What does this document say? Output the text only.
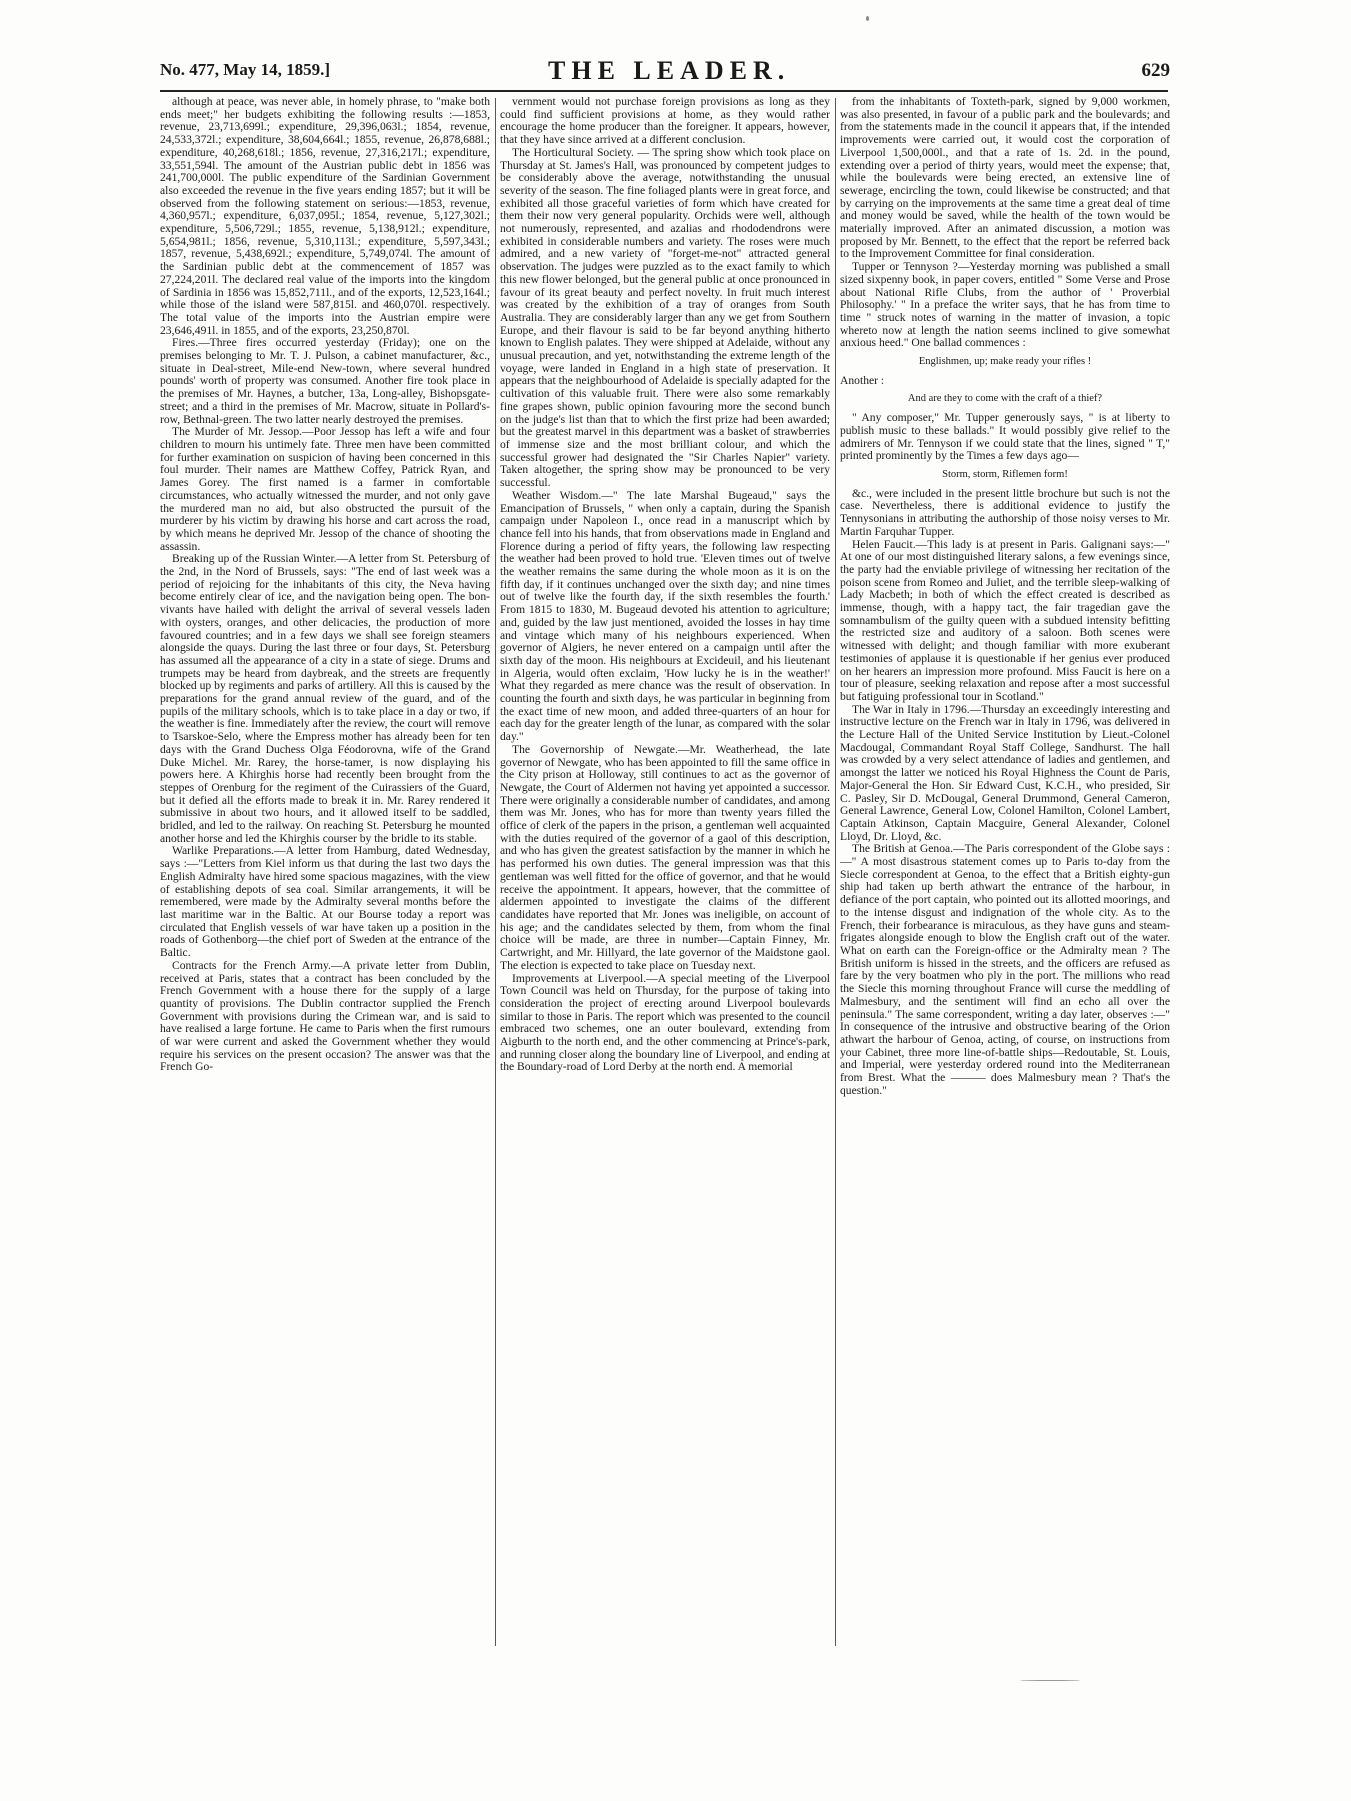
No. 477, May 14, 1859.]	THE LEADER.	629

although at peace, was never able, in homely phrase, to "make both ends meet;" her budgets exhibiting the following results :—1853, revenue, 23,713,699l.; expenditure, 29,396,063l.; 1854, revenue, 24,533,372l.; expenditure, 38,604,664l.; 1855, revenue, 26,878,688l.; expenditure, 40,268,618l.; 1856, revenue, 27,316,217l.; expenditure, 33,551,594l. The amount of the Austrian public debt in 1856 was 241,700,000l. The public expenditure of the Sardinian Government also exceeded the revenue in the five years ending 1857; but it will be observed from the following statement on serious:—1853, revenue, 4,360,957l.; expenditure, 6,037,095l.; 1854, revenue, 5,127,302l.; expenditure, 5,506,729l.; 1855, revenue, 5,138,912l.; expenditure, 5,654,981l.; 1856, revenue, 5,310,113l.; expenditure, 5,597,343l.; 1857, revenue, 5,438,692l.; expenditure, 5,749,074l. The amount of the Sardinian public debt at the commencement of 1857 was 27,224,201l. The declared real value of the imports into the kingdom of Sardinia in 1856 was 15,852,711l., and of the exports, 12,523,164l.; while those of the island were 587,815l. and 460,070l. respectively. The total value of the imports into the Austrian empire were 23,646,491l. in 1855, and of the exports, 23,250,870l.

Fires.—Three fires occurred yesterday (Friday); one on the premises belonging to Mr. T. J. Pulson, a cabinet manufacturer, &c., situate in Deal-street, Mile-end New-town, where several hundred pounds' worth of property was consumed. Another fire took place in the premises of Mr. Haynes, a butcher, 13a, Long-alley, Bishopsgate-street; and a third in the premises of Mr. Macrow, situate in Pollard's-row, Bethnal-green. The two latter nearly destroyed the premises.

The Murder of Mr. Jessop.—Poor Jessop has left a wife and four children to mourn his untimely fate. Three men have been committed for further examination on suspicion of having been concerned in this foul murder. Their names are Matthew Coffey, Patrick Ryan, and James Gorey. The first named is a farmer in comfortable circumstances, who actually witnessed the murder, and not only gave the murdered man no aid, but also obstructed the pursuit of the murderer by his victim by drawing his horse and cart across the road, by which means he deprived Mr. Jessop of the chance of shooting the assassin.

Breaking up of the Russian Winter.—A letter from St. Petersburg of the 2nd, in the Nord of Brussels, says: "The end of last week was a period of rejoicing for the inhabitants of this city, the Neva having become entirely clear of ice, and the navigation being open. The bon-vivants have hailed with delight the arrival of several vessels laden with oysters, oranges, and other delicacies, the production of more favoured countries; and in a few days we shall see foreign steamers alongside the quays. During the last three or four days, St. Petersburg has assumed all the appearance of a city in a state of siege. Drums and trumpets may be heard from daybreak, and the streets are frequently blocked up by regiments and parks of artillery. All this is caused by the preparations for the grand annual review of the guard, and of the pupils of the military schools, which is to take place in a day or two, if the weather is fine. Immediately after the review, the court will remove to Tsarskoe-Selo, where the Empress mother has already been for ten days with the Grand Duchess Olga Féodorovna, wife of the Grand Duke Michel. Mr. Rarey, the horse-tamer, is now displaying his powers here. A Khirghis horse had recently been brought from the steppes of Orenburg for the regiment of the Cuirassiers of the Guard, but it defied all the efforts made to break it in. Mr. Rarey rendered it submissive in about two hours, and it allowed itself to be saddled, bridled, and led to the railway. On reaching St. Petersburg he mounted another horse and led the Khirghis courser by the bridle to its stable.

Warlike Preparations.—A letter from Hamburg, dated Wednesday, says :—"Letters from Kiel inform us that during the last two days the English Admiralty have hired some spacious magazines, with the view of establishing depots of sea coal. Similar arrangements, it will be remembered, were made by the Admiralty several months before the last maritime war in the Baltic. At our Bourse today a report was circulated that English vessels of war have taken up a position in the roads of Gothenborg—the chief port of Sweden at the entrance of the Baltic.

Contracts for the French Army.—A private letter from Dublin, received at Paris, states that a contract has been concluded by the French Government with a house there for the supply of a large quantity of provisions. The Dublin contractor supplied the French Government with provisions during the Crimean war, and is said to have realised a large fortune. He came to Paris when the first rumours of war were current and asked the Government whether they would require his services on the present occasion? The answer was that the French Go-

vernment would not purchase foreign provisions as long as they could find sufficient provisions at home, as they would rather encourage the home producer than the foreigner. It appears, however, that they have since arrived at a different conclusion.

The Horticultural Society. — The spring show which took place on Thursday at St. James's Hall, was pronounced by competent judges to be considerably above the average, notwithstanding the unusual severity of the season. The fine foliaged plants were in great force, and exhibited all those graceful varieties of form which have created for them their now very general popularity. Orchids were well, although not numerously, represented, and azalias and rhododendrons were exhibited in considerable numbers and variety. The roses were much admired, and a new variety of "forget-me-not" attracted general observation. The judges were puzzled as to the exact family to which this new flower belonged, but the general public at once pronounced in favour of its great beauty and perfect novelty. In fruit much interest was created by the exhibition of a tray of oranges from South Australia. They are considerably larger than any we get from Southern Europe, and their flavour is said to be far beyond anything hitherto known to English palates. They were shipped at Adelaide, without any unusual precaution, and yet, notwithstanding the extreme length of the voyage, were landed in England in a high state of preservation. It appears that the neighbourhood of Adelaide is specially adapted for the cultivation of this valuable fruit. There were also some remarkably fine grapes shown, public opinion favouring more the second bunch on the judge's list than that to which the first prize had been awarded; but the greatest marvel in this department was a basket of strawberries of immense size and the most brilliant colour, and which the successful grower had designated the "Sir Charles Napier" variety. Taken altogether, the spring show may be pronounced to be very successful.

Weather Wisdom.—" The late Marshal Bugeaud," says the Emancipation of Brussels, " when only a captain, during the Spanish campaign under Napoleon I., once read in a manuscript which by chance fell into his hands, that from observations made in England and Florence during a period of fifty years, the following law respecting the weather had been proved to hold true. 'Eleven times out of twelve the weather remains the same during the whole moon as it is on the fifth day, if it continues unchanged over the sixth day; and nine times out of twelve like the fourth day, if the sixth resembles the fourth.' From 1815 to 1830, M. Bugeaud devoted his attention to agriculture; and, guided by the law just mentioned, avoided the losses in hay time and vintage which many of his neighbours experienced. When governor of Algiers, he never entered on a campaign until after the sixth day of the moon. His neighbours at Excideuil, and his lieutenant in Algeria, would often exclaim, 'How lucky he is in the weather!' What they regarded as mere chance was the result of observation. In counting the fourth and sixth days, he was particular in beginning from the exact time of new moon, and added three-quarters of an hour for each day for the greater length of the lunar, as compared with the solar day."

The Governorship of Newgate.—Mr. Weatherhead, the late governor of Newgate, who has been appointed to fill the same office in the City prison at Holloway, still continues to act as the governor of Newgate, the Court of Aldermen not having yet appointed a successor. There were originally a considerable number of candidates, and among them was Mr. Jones, who has for more than twenty years filled the office of clerk of the papers in the prison, a gentleman well acquainted with the duties required of the governor of a gaol of this description, and who has given the greatest satisfaction by the manner in which he has performed his own duties. The general impression was that this gentleman was well fitted for the office of governor, and that he would receive the appointment. It appears, however, that the committee of aldermen appointed to investigate the claims of the different candidates have reported that Mr. Jones was ineligible, on account of his age; and the candidates selected by them, from whom the final choice will be made, are three in number—Captain Finney, Mr. Cartwright, and Mr. Hillyard, the late governor of the Maidstone gaol. The election is expected to take place on Tuesday next.

Improvements at Liverpool.—A special meeting of the Liverpool Town Council was held on Thursday, for the purpose of taking into consideration the project of erecting around Liverpool boulevards similar to those in Paris. The report which was presented to the council embraced two schemes, one an outer boulevard, extending from Aigburth to the north end, and the other commencing at Prince's-park, and running closer along the boundary line of Liverpool, and ending at the Boundary-road of Lord Derby at the north end. A memorial

from the inhabitants of Toxteth-park, signed by 9,000 workmen, was also presented, in favour of a public park and the boulevards; and from the statements made in the council it appears that, if the intended improvements were carried out, it would cost the corporation of Liverpool 1,500,000l., and that a rate of 1s. 2d. in the pound, extending over a period of thirty years, would meet the expense; that, while the boulevards were being erected, an extensive line of sewerage, encircling the town, could likewise be constructed; and that by carrying on the improvements at the same time a great deal of time and money would be saved, while the health of the town would be materially improved. After an animated discussion, a motion was proposed by Mr. Bennett, to the effect that the report be referred back to the Improvement Committee for final consideration.

Tupper or Tennyson ?—Yesterday morning was published a small sized sixpenny book, in paper covers, entitled " Some Verse and Prose about National Rifle Clubs, from the author of ' Proverbial Philosophy.' " In a preface the writer says, that he has from time to time " struck notes of warning in the matter of invasion, a topic whereto now at length the nation seems inclined to give somewhat anxious heed." One ballad commences :

Englishmen, up; make ready your rifles !

Another :

And are they to come with the craft of a thief?

" Any composer," Mr. Tupper generously says, " is at liberty to publish music to these ballads." It would possibly give relief to the admirers of Mr. Tennyson if we could state that the lines, signed " T," printed prominently by the Times a few days ago—

Storm, storm, Riflemen form!

&c., were included in the present little brochure but such is not the case. Nevertheless, there is additional evidence to justify the Tennysonians in attributing the authorship of those noisy verses to Mr. Martin Farquhar Tupper.

Helen Faucit.—This lady is at present in Paris. Galignani says:—" At one of our most distinguished literary salons, a few evenings since, the party had the enviable privilege of witnessing her recitation of the poison scene from Romeo and Juliet, and the terrible sleep-walking of Lady Macbeth; in both of which the effect created is described as immense, though, with a happy tact, the fair tragedian gave the somnambulism of the guilty queen with a subdued intensity befitting the restricted size and auditory of a saloon. Both scenes were witnessed with delight; and though familiar with more exuberant testimonies of applause it is questionable if her genius ever produced on her hearers an impression more profound. Miss Faucit is here on a tour of pleasure, seeking relaxation and repose after a most successful but fatiguing professional tour in Scotland."

The War in Italy in 1796.—Thursday an exceedingly interesting and instructive lecture on the French war in Italy in 1796, was delivered in the Lecture Hall of the United Service Institution by Lieut.-Colonel Macdougal, Commandant Royal Staff College, Sandhurst. The hall was crowded by a very select attendance of ladies and gentlemen, and amongst the latter we noticed his Royal Highness the Count de Paris, Major-General the Hon. Sir Edward Cust, K.C.H., who presided, Sir C. Pasley, Sir D. McDougal, General Drummond, General Cameron, General Lawrence, General Low, Colonel Hamilton, Colonel Lambert, Captain Atkinson, Captain Macguire, General Alexander, Colonel Lloyd, Dr. Lloyd, &c.

The British at Genoa.—The Paris correspondent of the Globe says :—" A most disastrous statement comes up to Paris to-day from the Siecle correspondent at Genoa, to the effect that a British eighty-gun ship had taken up berth athwart the entrance of the harbour, in defiance of the port captain, who pointed out its allotted moorings, and to the intense disgust and indignation of the whole city. As to the French, their forbearance is miraculous, as they have guns and steam-frigates alongside enough to blow the English craft out of the water. What on earth can the Foreign-office or the Admiralty mean ? The British uniform is hissed in the streets, and the officers are refused as fare by the very boatmen who ply in the port. The millions who read the Siecle this morning throughout France will curse the meddling of Malmesbury, and the sentiment will find an echo all over the peninsula." The same correspondent, writing a day later, observes :—" In consequence of the intrusive and obstructive bearing of the Orion athwart the harbour of Genoa, acting, of course, on instructions from your Cabinet, three more line-of-battle ships—Redoutable, St. Louis, and Imperial, were yesterday ordered round into the Mediterranean from Brest. What the ——— does Malmesbury mean ? That's the question."
